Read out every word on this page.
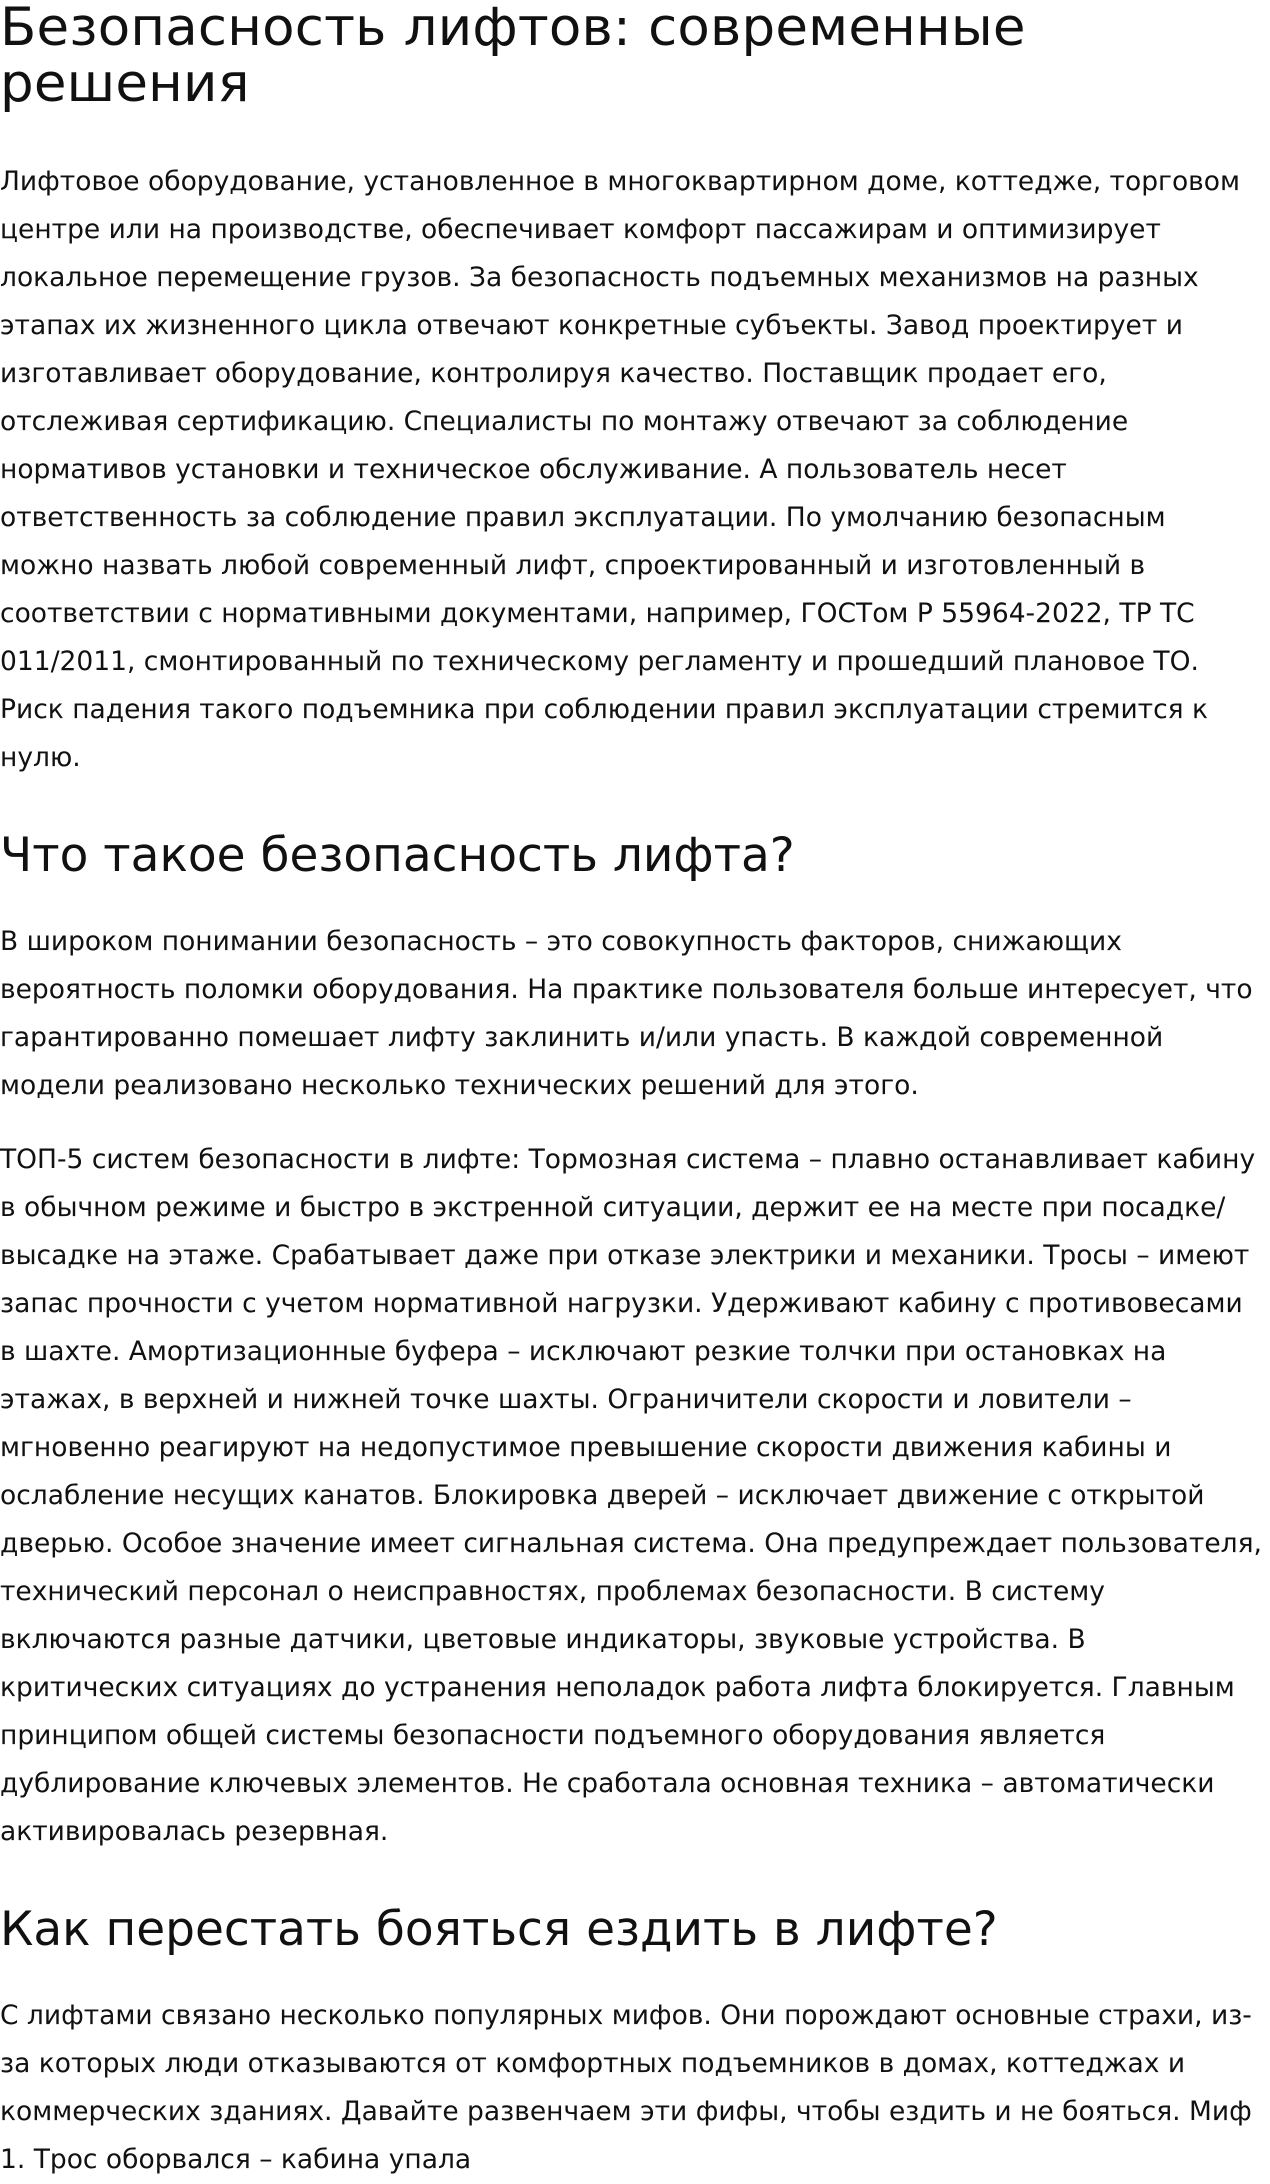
Безопасность лифтов: современные решения

Лифтовое оборудование, установленное в многоквартирном доме, коттедже, торговом центре или на производстве, обеспечивает комфорт пассажирам и оптимизирует локальное перемещение грузов. За безопасность подъемных механизмов на разных этапах их жизненного цикла отвечают конкретные субъекты. Завод проектирует и изготавливает оборудование, контролируя качество. Поставщик продает его, отслеживая сертификацию. Специалисты по монтажу отвечают за соблюдение нормативов установки и техническое обслуживание. А пользователь несет ответственность за соблюдение правил эксплуатации. По умолчанию безопасным можно назвать любой современный лифт, спроектированный и изготовленный в соответствии с нормативными документами, например, ГОСТом Р 55964-2022, ТР ТС 011/2011, смонтированный по техническому регламенту и прошедший плановое ТО. Риск падения такого подъемника при соблюдении правил эксплуатации стремится к нулю.

Что такое безопасность лифта?

В широком понимании безопасность – это совокупность факторов, снижающих вероятность поломки оборудования. На практике пользователя больше интересует, что гарантированно помешает лифту заклинить и/или упасть. В каждой современной модели реализовано несколько технических решений для этого.

ТОП-5 систем безопасности в лифте: Тормозная система – плавно останавливает кабину в обычном режиме и быстро в экстренной ситуации, держит ее на месте при посадке/высадке на этаже. Срабатывает даже при отказе электрики и механики. Тросы – имеют запас прочности с учетом нормативной нагрузки. Удерживают кабину с противовесами в шахте. Амортизационные буфера – исключают резкие толчки при остановках на этажах, в верхней и нижней точке шахты. Ограничители скорости и ловители – мгновенно реагируют на недопустимое превышение скорости движения кабины и ослабление несущих канатов. Блокировка дверей – исключает движение с открытой дверью. Особое значение имеет сигнальная система. Она предупреждает пользователя, технический персонал о неисправностях, проблемах безопасности. В систему включаются разные датчики, цветовые индикаторы, звуковые устройства. В критических ситуациях до устранения неполадок работа лифта блокируется. Главным принципом общей системы безопасности подъемного оборудования является дублирование ключевых элементов. Не сработала основная техника – автоматически активировалась резервная.

Как перестать бояться ездить в лифте?

С лифтами связано несколько популярных мифов. Они порождают основные страхи, из-за которых люди отказываются от комфортных подъемников в домах, коттеджах и коммерческих зданиях. Давайте развенчаем эти фифы, чтобы ездить и не бояться. Миф 1. Трос оборвался – кабина упала
